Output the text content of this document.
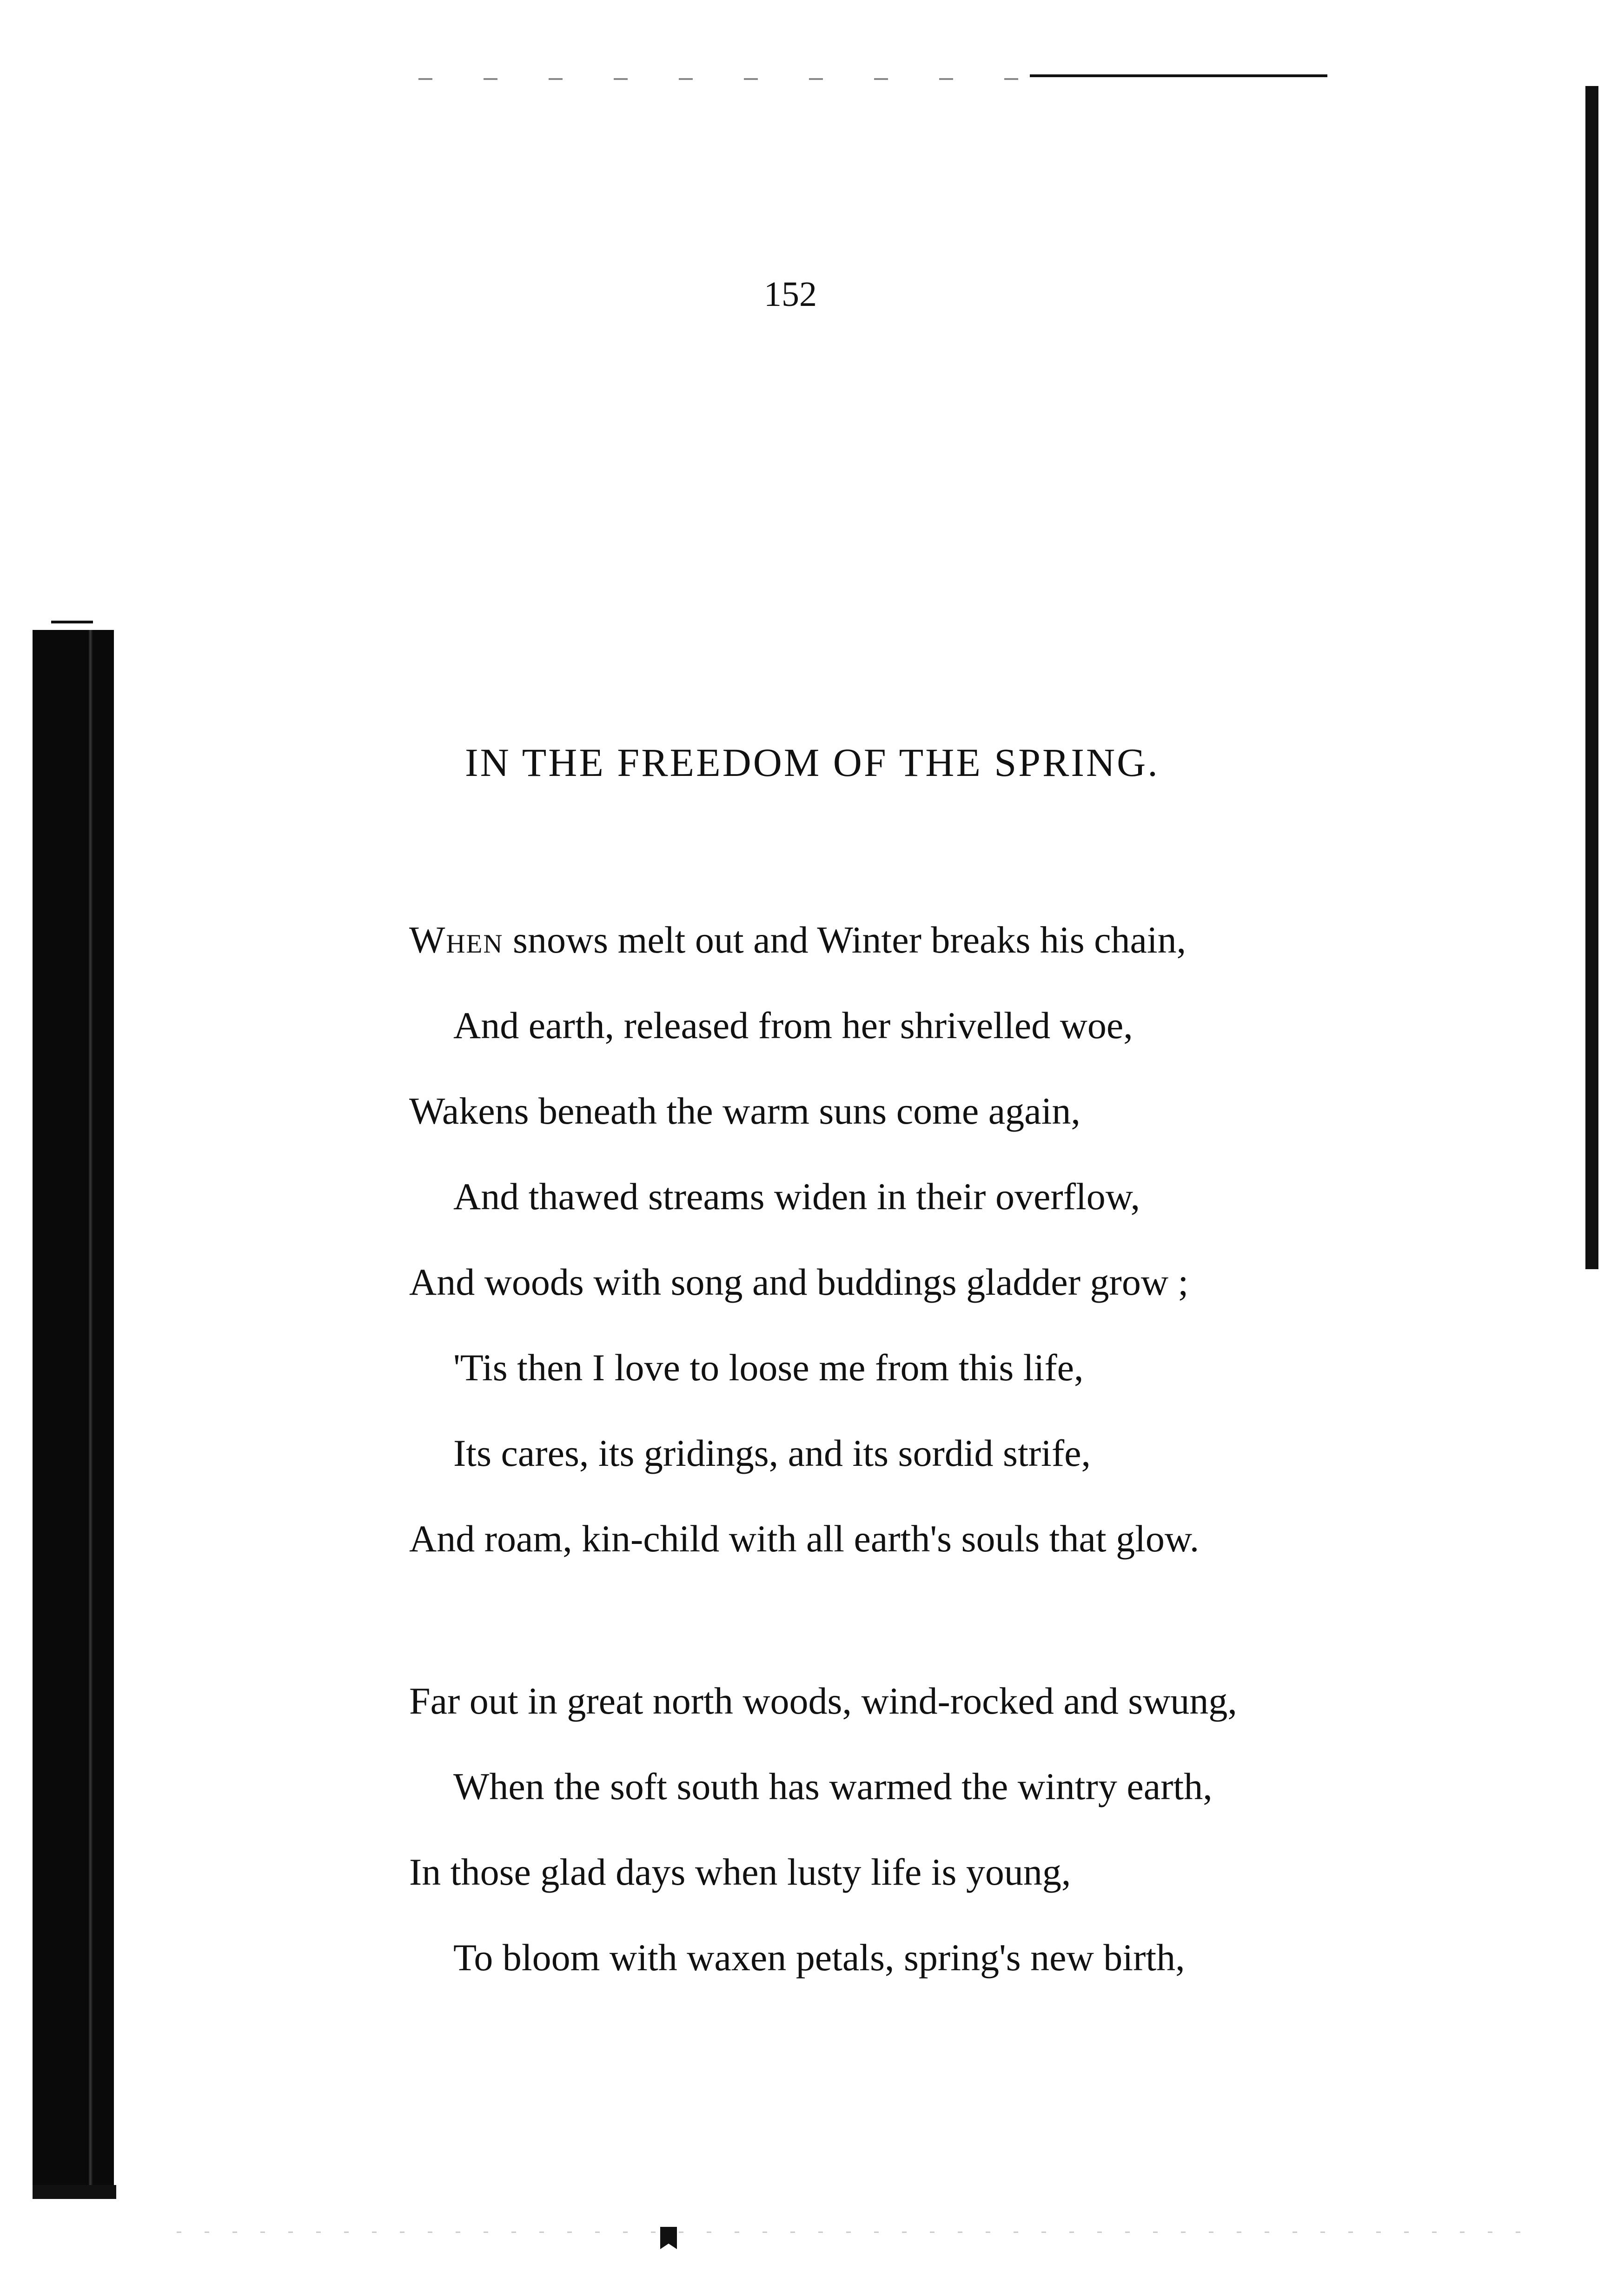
152
IN THE FREEDOM OF THE SPRING.
When snows melt out and Winter breaks his chain,
And earth, released from her shrivelled woe,
Wakens beneath the warm suns come again,
And thawed streams widen in their overflow,
And woods with song and buddings gladder grow ;
'Tis then I love to loose me from this life,
Its cares, its gridings, and its sordid strife,
And roam, kin-child with all earth's souls that glow.
Far out in great north woods, wind-rocked and swung,
When the soft south has warmed the wintry earth,
In those glad days when lusty life is young,
To bloom with waxen petals, spring's new birth,
